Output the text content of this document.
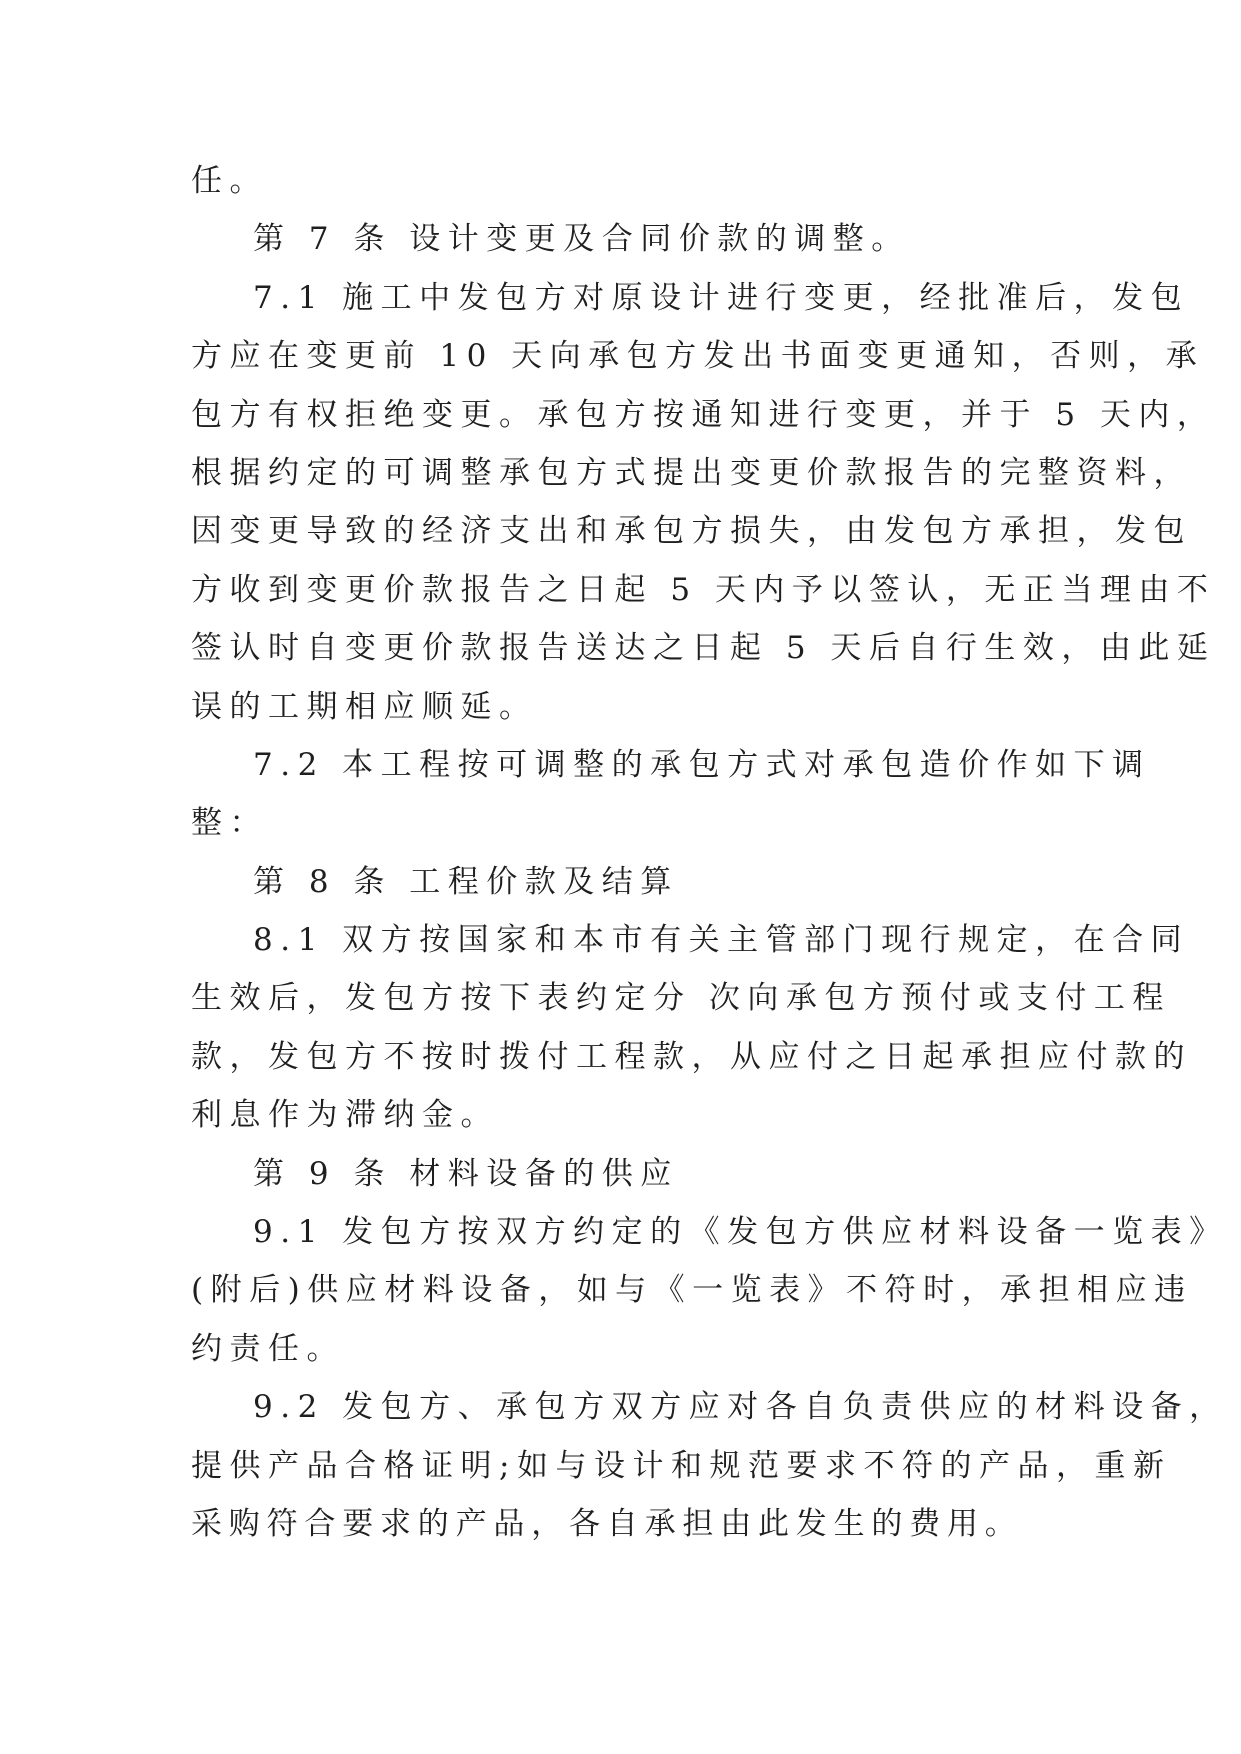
任。

第 7 条 设计变更及合同价款的调整。

7.1 施工中发包方对原设计进行变更，经批准后，发包

方应在变更前 10 天向承包方发出书面变更通知，否则，承

包方有权拒绝变更。承包方按通知进行变更，并于 5 天内，

根据约定的可调整承包方式提出变更价款报告的完整资料，

因变更导致的经济支出和承包方损失，由发包方承担，发包

方收到变更价款报告之日起 5 天内予以签认，无正当理由不

签认时自变更价款报告送达之日起 5 天后自行生效，由此延

误的工期相应顺延。

7.2 本工程按可调整的承包方式对承包造价作如下调

整：

第 8 条 工程价款及结算

8.1 双方按国家和本市有关主管部门现行规定，在合同

生效后，发包方按下表约定分 次向承包方预付或支付工程

款，发包方不按时拨付工程款，从应付之日起承担应付款的

利息作为滞纳金。

第 9 条 材料设备的供应

9.1 发包方按双方约定的《发包方供应材料设备一览表》

(附后)供应材料设备，如与《一览表》不符时，承担相应违

约责任。

9.2 发包方、承包方双方应对各自负责供应的材料设备，

提供产品合格证明;如与设计和规范要求不符的产品，重新

采购符合要求的产品，各自承担由此发生的费用。
